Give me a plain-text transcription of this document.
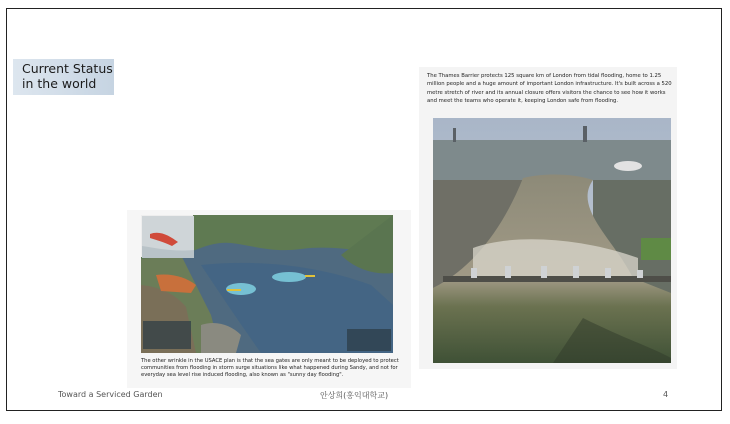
Current Status
in the world
The other wrinkle in the USACE plan is that the sea gates are only meant to be deployed to protect communities from flooding in storm surge situations like what happened during Sandy, and not for everyday sea level rise induced flooding, also known as "sunny day flooding".
The Thames Barrier protects 125 square km of London from tidal flooding, home to 1.25 million people and a huge amount of important London infrastructure. It's built across a 520 metre stretch of river and its annual closure offers visitors the chance to see how it works and meet the teams who operate it, keeping London safe from flooding.
Toward a Serviced Garden	안상희(홍익대학교)	4
